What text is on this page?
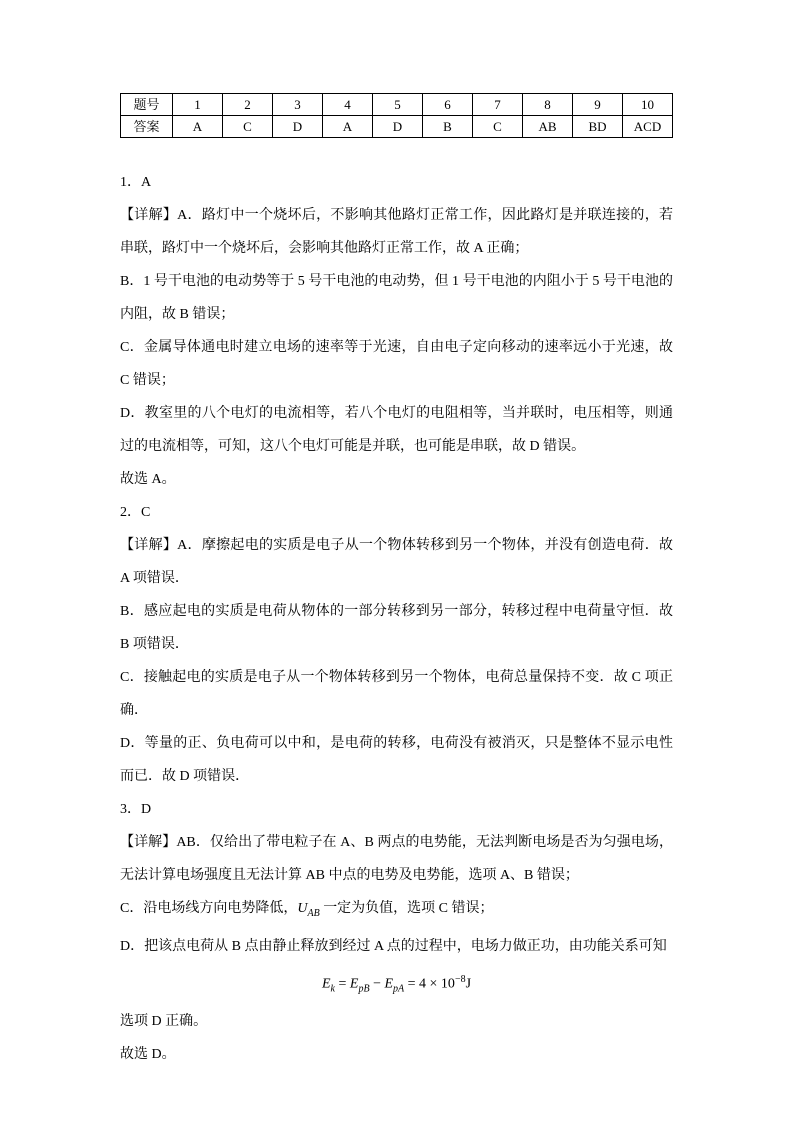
题号	1	2	3	4	5	6	7	8	9	10
答案	A	C	D	A	D	B	C	AB	BD	ACD

1．A

【详解】A．路灯中一个烧坏后，不影响其他路灯正常工作，因此路灯是并联连接的，若串联，路灯中一个烧坏后，会影响其他路灯正常工作，故 A 正确；

B．1 号干电池的电动势等于 5 号干电池的电动势，但 1 号干电池的内阻小于 5 号干电池的内阻，故 B 错误；

C．金属导体通电时建立电场的速率等于光速，自由电子定向移动的速率远小于光速，故 C 错误；

D．教室里的八个电灯的电流相等，若八个电灯的电阻相等，当并联时，电压相等，则通过的电流相等，可知，这八个电灯可能是并联，也可能是串联，故 D 错误。

故选 A。

2．C

【详解】A．摩擦起电的实质是电子从一个物体转移到另一个物体，并没有创造电荷．故 A 项错误．

B．感应起电的实质是电荷从物体的一部分转移到另一部分，转移过程中电荷量守恒．故 B 项错误．

C．接触起电的实质是电子从一个物体转移到另一个物体，电荷总量保持不变．故 C 项正确．

D．等量的正、负电荷可以中和，是电荷的转移，电荷没有被消灭，只是整体不显示电性而已．故 D 项错误．

3．D

【详解】AB．仅给出了带电粒子在 A、B 两点的电势能，无法判断电场是否为匀强电场，无法计算电场强度且无法计算 AB 中点的电势及电势能，选项 A、B 错误；

C．沿电场线方向电势降低，$U_{AB}$ 一定为负值，选项 C 错误；

D．把该点电荷从 B 点由静止释放到经过 A 点的过程中，电场力做正功，由功能关系可知

$E_k = E_{pB} - E_{pA} = 4 \times 10^{-8}J$

选项 D 正确。

故选 D。
